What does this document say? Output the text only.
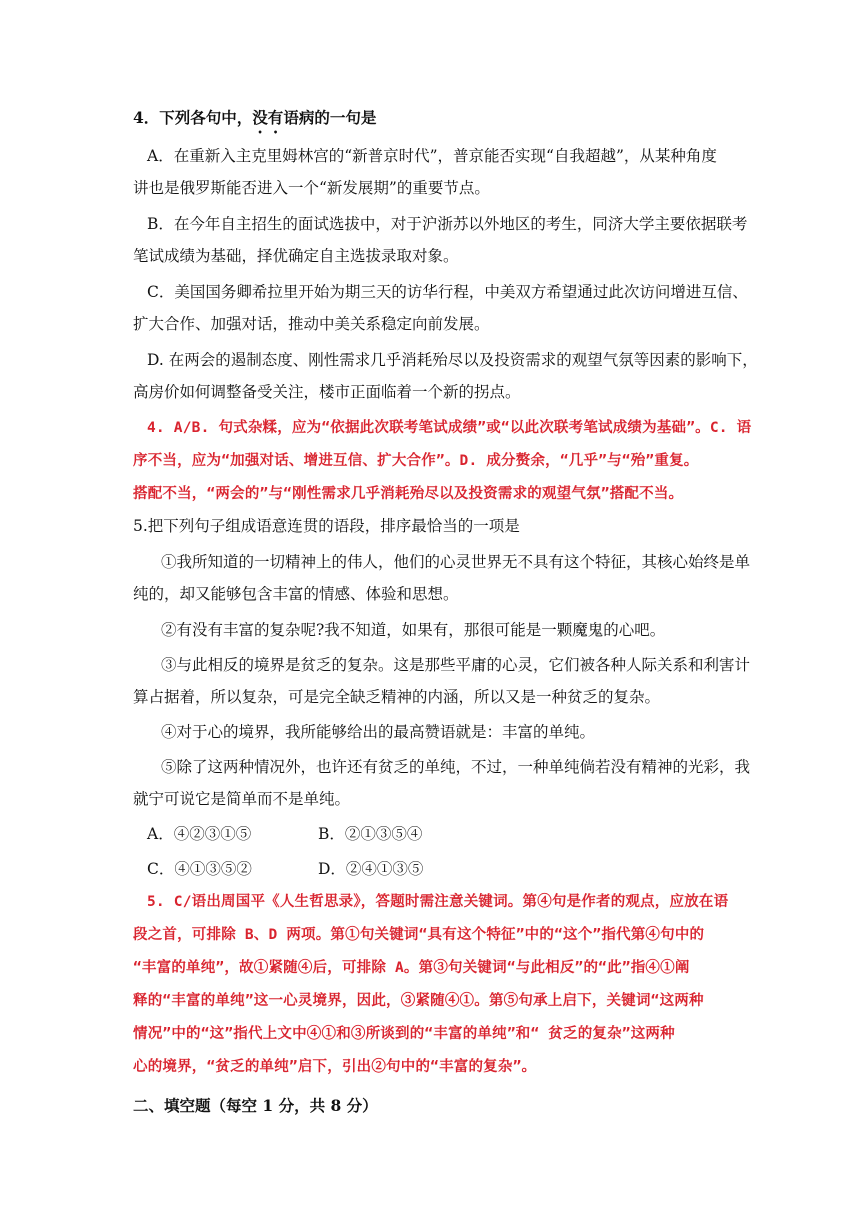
4．下列各句中，没有语病的一句是
A．在重新入主克里姆林宫的“新普京时代”，普京能否实现“自我超越”，从某种角度
讲也是俄罗斯能否进入一个“新发展期”的重要节点。
B．在今年自主招生的面试选拔中，对于沪浙苏以外地区的考生，同济大学主要依据联考
笔试成绩为基础，择优确定自主选拔录取对象。
C．美国国务卿希拉里开始为期三天的访华行程，中美双方希望通过此次访问增进互信、
扩大合作、加强对话，推动中美关系稳定向前发展。
D. 在两会的遏制态度、刚性需求几乎消耗殆尽以及投资需求的观望气氛等因素的影响下，
高房价如何调整备受关注，楼市正面临着一个新的拐点。
4. A/B. 句式杂糅，应为“依据此次联考笔试成绩”或“以此次联考笔试成绩为基础”。C. 语
序不当，应为“加强对话、增进互信、扩大合作”。D. 成分赘余，“几乎”与“殆”重复。
搭配不当，“两会的”与“刚性需求几乎消耗殆尽以及投资需求的观望气氛”搭配不当。
5.把下列句子组成语意连贯的语段，排序最恰当的一项是
①我所知道的一切精神上的伟人，他们的心灵世界无不具有这个特征，其核心始终是单
纯的，却又能够包含丰富的情感、体验和思想。
②有没有丰富的复杂呢?我不知道，如果有，那很可能是一颗魔鬼的心吧。
③与此相反的境界是贫乏的复杂。这是那些平庸的心灵，它们被各种人际关系和利害计
算占据着，所以复杂，可是完全缺乏精神的内涵，所以又是一种贫乏的复杂。
④对于心的境界，我所能够给出的最高赞语就是：丰富的单纯。
⑤除了这两种情况外，也许还有贫乏的单纯，不过，一种单纯倘若没有精神的光彩，我
就宁可说它是简单而不是单纯。
A．④②③①⑤	B．②①③⑤④
C．④①③⑤②	D．②④①③⑤
5. C/语出周国平《人生哲思录》，答题时需注意关键词。第④句是作者的观点，应放在语
段之首，可排除 B、D 两项。第①句关键词“具有这个特征”中的“这个”指代第④句中的
“丰富的单纯”，故①紧随④后，可排除 A。第③句关键词“与此相反”的“此”指④①阐
释的“丰富的单纯”这一心灵境界，因此，③紧随④①。第⑤句承上启下，关键词“这两种
情况”中的“这”指代上文中④①和③所谈到的“丰富的单纯”和“ 贫乏的复杂”这两种
心的境界，“贫乏的单纯”启下，引出②句中的“丰富的复杂”。
二、填空题（每空 1 分，共 8 分）
